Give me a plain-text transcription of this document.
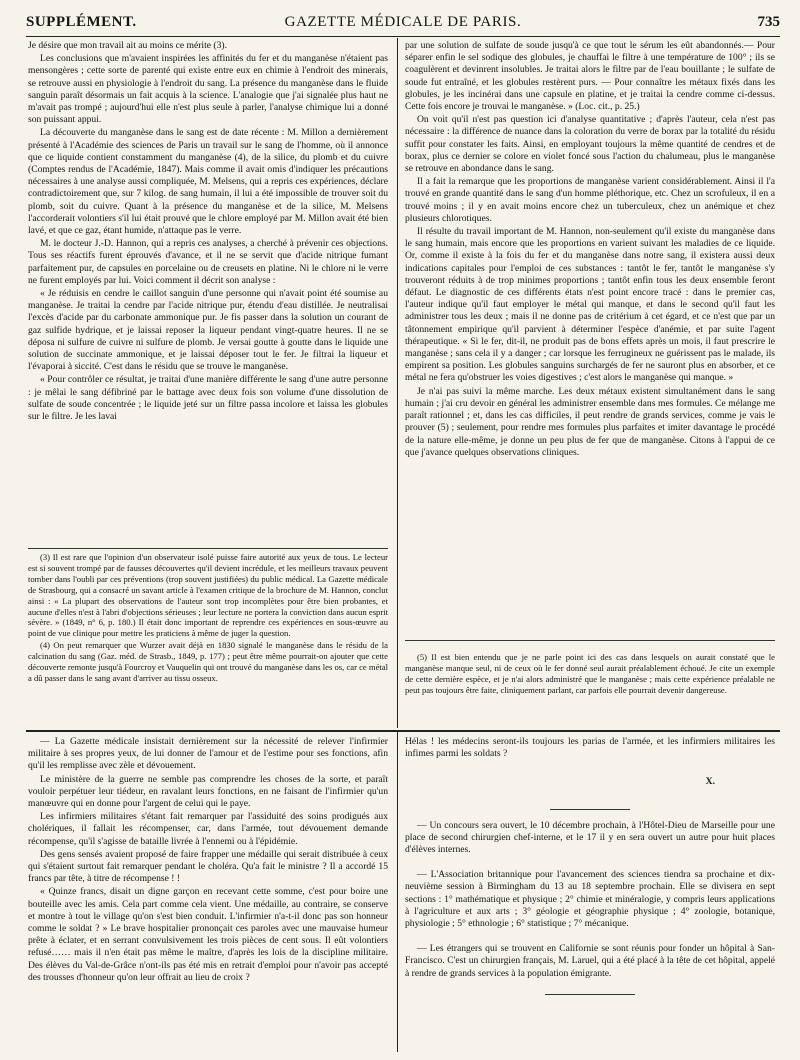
SUPPLÉMENT.	GAZETTE MÉDICALE DE PARIS.	735

Je désire que mon travail ait au moins ce mérite (3).

Les conclusions que m'avaient inspirées les affinités du fer et du manganèse n'étaient pas mensongères ; cette sorte de parenté qui existe entre eux en chimie à l'endroit des minerais, se retrouve aussi en physiologie à l'endroit du sang. La présence du manganèse dans le fluide sanguin paraît désormais un fait acquis à la science. L'analogie que j'ai signalée plus haut ne m'avait pas trompé ; aujourd'hui elle n'est plus seule à parler, l'analyse chimique lui a donné son puissant appui.

La découverte du manganèse dans le sang est de date récente : M. Millon a dernièrement présenté à l'Académie des sciences de Paris un travail sur le sang de l'homme, où il annonce que ce liquide contient constamment du manganèse (4), de la silice, du plomb et du cuivre (Comptes rendus de l'Académie, 1847). Mais comme il avait omis d'indiquer les précautions nécessaires à une analyse aussi compliquée, M. Melsens, qui a repris ces expériences, déclare contradictoirement que, sur 7 kilog. de sang humain, il lui a été impossible de trouver soit du plomb, soit du cuivre. Quant à la présence du manganèse et de la silice, M. Melsens l'accorderait volontiers s'il lui était prouvé que le chlore employé par M. Millon avait été bien lavé, et que ce gaz, étant humide, n'attaque pas le verre.

M. le docteur J.-D. Hannon, qui a repris ces analyses, a cherché à prévenir ces objections. Tous ses réactifs furent éprouvés d'avance, et il ne se servit que d'acide nitrique fumant parfaitement pur, de capsules en porcelaine ou de creusets en platine. Ni le chlore ni le verre ne furent employés par lui. Voici comment il décrit son analyse :

« Je réduisis en cendre le caillot sanguin d'une personne qui n'avait point été soumise au manganèse. Je traitai la cendre par l'acide nitrique pur, étendu d'eau distillée. Je neutralisai l'excès d'acide par du carbonate ammonique pur. Je fis passer dans la solution un courant de gaz sulfide hydrique, et je laissai reposer la liqueur pendant vingt-quatre heures. Il ne se déposa ni sulfure de cuivre ni sulfure de plomb. Je versai goutte à goutte dans le liquide une solution de succinate ammonique, et je laissai déposer tout le fer. Je filtrai la liqueur et l'évaporai à siccité. C'est dans le résidu que se trouve le manganèse.

« Pour contrôler ce résultat, je traitai d'une manière différente le sang d'une autre personne : je mêlai le sang défibriné par le battage avec deux fois son volume d'une dissolution de sulfate de soude concentrée ; le liquide jeté sur un filtre passa incolore et laissa les globules sur le filtre. Je les lavai

par une solution de sulfate de soude jusqu'à ce que tout le sérum les eût abandonnés.— Pour séparer enfin le sel sodique des globules, je chauffai le filtre à une température de 100° ; ils se coagulèrent et devinrent insolubles. Je traitai alors le filtre par de l'eau bouillante ; le sulfate de soude fut entraîné, et les globules restèrent purs. — Pour connaître les métaux fixés dans les globules, je les incinérai dans une capsule en platine, et je traitai la cendre comme ci-dessus. Cette fois encore je trouvai le manganèse. » (Loc. cit., p. 25.)

On voit qu'il n'est pas question ici d'analyse quantitative ; d'après l'auteur, cela n'est pas nécessaire : la différence de nuance dans la coloration du verre de borax par la totalité du résidu suffit pour constater les faits. Ainsi, en employant toujours la même quantité de cendres et de borax, plus ce dernier se colore en violet foncé sous l'action du chalumeau, plus le manganèse se retrouve en abondance dans le sang.

Il a fait la remarque que les proportions de manganèse varient considérablement. Ainsi il l'a trouvé en grande quantité dans le sang d'un homme pléthorique, etc. Chez un scrofuleux, il en a trouvé moins ; il y en avait moins encore chez un tuberculeux, chez un anémique et chez plusieurs chlorotiques.

Il résulte du travail important de M. Hannon, non-seulement qu'il existe du manganèse dans le sang humain, mais encore que les proportions en varient suivant les maladies de ce liquide. Or, comme il existe à la fois du fer et du manganèse dans notre sang, il existera aussi deux indications capitales pour l'emploi de ces substances : tantôt le fer, tantôt le manganèse s'y trouveront réduits à de trop minimes proportions ; tantôt enfin tous les deux ensemble feront défaut. Le diagnostic de ces différents états n'est point encore tracé : dans le premier cas, l'auteur indique qu'il faut employer le métal qui manque, et dans le second qu'il faut les administrer tous les deux ; mais il ne donne pas de critérium à cet égard, et ce n'est que par un tâtonnement empirique qu'il parvient à déterminer l'espèce d'anémie, et par suite l'agent thérapeutique. « Si le fer, dit-il, ne produit pas de bons effets après un mois, il faut prescrire le manganèse ; sans cela il y a danger ; car lorsque les ferrugineux ne guérissent pas le malade, ils empirent sa position. Les globules sanguins surchargés de fer ne sauront plus en absorber, et ce métal ne fera qu'obstruer les voies digestives ; c'est alors le manganèse qui manque. »

Je n'ai pas suivi la même marche. Les deux métaux existent simultanément dans le sang humain ; j'ai cru devoir en général les administrer ensemble dans mes formules. Ce mélange me paraît rationnel ; et, dans les cas difficiles, il peut rendre de grands services, comme je vais le prouver (5) ; seulement, pour rendre mes formules plus parfaites et imiter davantage le procédé de la nature elle-même, je donne un peu plus de fer que de manganèse. Citons à l'appui de ce que j'avance quelques observations cliniques.

(3) Il est rare que l'opinion d'un observateur isolé puisse faire autorité aux yeux de tous. Le lecteur est si souvent trompé par de fausses découvertes qu'il devient incrédule, et les meilleurs travaux peuvent tomber dans l'oubli par ces préventions (trop souvent justifiées) du public médical. La Gazette médicale de Strasbourg, qui a consacré un savant article à l'examen critique de la brochure de M. Hannon, conclut ainsi : « La plupart des observations de l'auteur sont trop incomplètes pour être bien probantes, et aucune d'elles n'est à l'abri d'objections sérieuses ; leur lecture ne portera la conviction dans aucun esprit sévère. » (1849, n° 6, p. 180.) Il était donc important de reprendre ces expériences en sous-œuvre au point de vue clinique pour mettre les praticiens à même de juger la question.

(4) On peut remarquer que Wurzer avait déjà en 1830 signalé le manganèse dans le résidu de la calcination du sang (Gaz. méd. de Strasb., 1849, p. 177) ; peut être même pourrait-on ajouter que cette découverte remonte jusqu'à Fourcroy et Vauquelin qui ont trouvé du manganèse dans les os, car ce métal a dû passer dans le sang avant d'arriver au tissu osseux.

(5) Il est bien entendu que je ne parle point ici des cas dans lesquels on aurait constaté que le manganèse manque seul, ni de ceux où le fer donné seul aurait préalablement échoué. Je cite un exemple de cette dernière espèce, et je n'ai alors administré que le manganèse ; mais cette expérience préalable ne peut pas toujours être faite, cliniquement parlant, car parfois elle pourrait devenir dangereuse.

— La Gazette médicale insistait dernièrement sur la nécessité de relever l'infirmier militaire à ses propres yeux, de lui donner de l'amour et de l'estime pour ses fonctions, afin qu'il les remplisse avec zèle et dévouement.

Le ministère de la guerre ne semble pas comprendre les choses de la sorte, et paraît vouloir perpétuer leur tiédeur, en ravalant leurs fonctions, en ne faisant de l'infirmier qu'un manœuvre qui en donne pour l'argent de celui qui le paye.

Les infirmiers militaires s'étant fait remarquer par l'assiduité des soins prodigués aux cholériques, il fallait les récompenser, car, dans l'armée, tout dévouement demande récompense, qu'il s'agisse de bataille livrée à l'ennemi ou à l'épidémie.

Des gens sensés avaient proposé de faire frapper une médaille qui serait distribuée à ceux qui s'étaient surtout fait remarquer pendant le choléra. Qu'a fait le ministre ? Il a accordé 15 francs par tête, à titre de récompense ! !

« Quinze francs, disait un digne garçon en recevant cette somme, c'est pour boire une bouteille avec les amis. Cela part comme cela vient. Une médaille, au contraire, se conserve et montre à tout le village qu'on s'est bien conduit. L'infirmier n'a-t-il donc pas son honneur comme le soldat ? » Le brave hospitalier prononçait ces paroles avec une mauvaise humeur prête à éclater, et en serrant convulsivement les trois pièces de cent sous. Il eût volontiers refusé…… mais il n'en était pas même le maître, d'après les lois de la discipline militaire. Des élèves du Val-de-Grâce n'ont-ils pas été mis en retrait d'emploi pour n'avoir pas accepté des trousses d'honneur qu'on leur offrait au lieu de croix ?

Hélas ! les médecins seront-ils toujours les parias de l'armée, et les infirmiers militaires les infimes parmi les soldats ?

X.

— Un concours sera ouvert, le 10 décembre prochain, à l'Hôtel-Dieu de Marseille pour une place de second chirurgien chef-interne, et le 17 il y en sera ouvert un autre pour huit places d'élèves internes.

— L'Association britannique pour l'avancement des sciences tiendra sa prochaine et dix-neuvième session à Birmingham du 13 au 18 septembre prochain. Elle se divisera en sept sections : 1° mathématique et physique ; 2° chimie et minéralogie, y compris leurs applications à l'agriculture et aux arts ; 3° géologie et géographie physique ; 4° zoologie, botanique, physiologie ; 5° ethnologie ; 6° statistique ; 7° mécanique.

— Les étrangers qui se trouvent en Californie se sont réunis pour fonder un hôpital à San-Francisco. C'est un chirurgien français, M. Laruel, qui a été placé à la tête de cet hôpital, appelé à rendre de grands services à la population émigrante.
